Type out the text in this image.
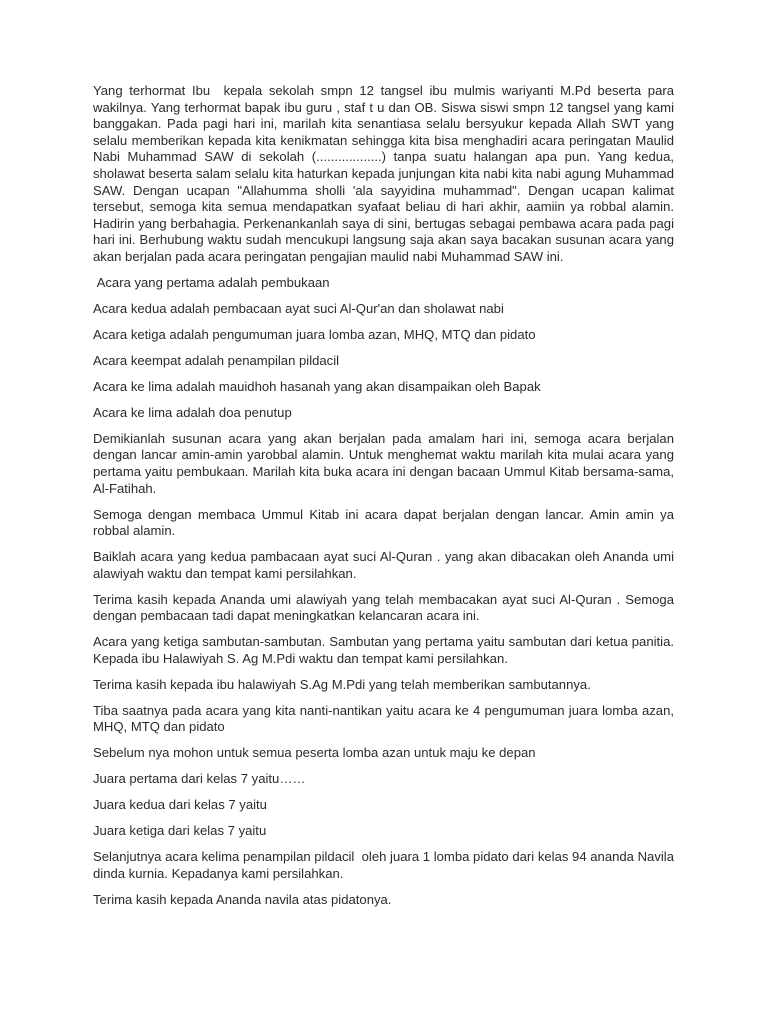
Yang terhormat Ibu  kepala sekolah smpn 12 tangsel ibu mulmis wariyanti M.Pd beserta para wakilnya. Yang terhormat bapak ibu guru , staf t u dan OB. Siswa siswi smpn 12 tangsel yang kami banggakan. Pada pagi hari ini, marilah kita senantiasa selalu bersyukur kepada Allah SWT yang selalu memberikan kepada kita kenikmatan sehingga kita bisa menghadiri acara peringatan Maulid Nabi Muhammad SAW di sekolah (..................) tanpa suatu halangan apa pun. Yang kedua, sholawat beserta salam selalu kita haturkan kepada junjungan kita nabi kita nabi agung Muhammad SAW. Dengan ucapan "Allahumma sholli 'ala sayyidina muhammad". Dengan ucapan kalimat tersebut, semoga kita semua mendapatkan syafaat beliau di hari akhir, aamiin ya robbal alamin. Hadirin yang berbahagia. Perkenankanlah saya di sini, bertugas sebagai pembawa acara pada pagi hari ini. Berhubung waktu sudah mencukupi langsung saja akan saya bacakan susunan acara yang akan berjalan pada acara peringatan pengajian maulid nabi Muhammad SAW ini.

Acara yang pertama adalah pembukaan

Acara kedua adalah pembacaan ayat suci Al-Qur'an dan sholawat nabi

Acara ketiga adalah pengumuman juara lomba azan, MHQ, MTQ dan pidato

Acara keempat adalah penampilan pildacil

Acara ke lima adalah mauidhoh hasanah yang akan disampaikan oleh Bapak

Acara ke lima adalah doa penutup

Demikianlah susunan acara yang akan berjalan pada amalam hari ini, semoga acara berjalan dengan lancar amin-amin yarobbal alamin. Untuk menghemat waktu marilah kita mulai acara yang pertama yaitu pembukaan. Marilah kita buka acara ini dengan bacaan Ummul Kitab bersama-sama, Al-Fatihah.

Semoga dengan membaca Ummul Kitab ini acara dapat berjalan dengan lancar. Amin amin ya robbal alamin.

Baiklah acara yang kedua pambacaan ayat suci Al-Quran . yang akan dibacakan oleh Ananda umi alawiyah waktu dan tempat kami persilahkan.

Terima kasih kepada Ananda umi alawiyah yang telah membacakan ayat suci Al-Quran . Semoga dengan pembacaan tadi dapat meningkatkan kelancaran acara ini.

Acara yang ketiga sambutan-sambutan. Sambutan yang pertama yaitu sambutan dari ketua panitia. Kepada ibu Halawiyah S. Ag M.Pdi waktu dan tempat kami persilahkan.

Terima kasih kepada ibu halawiyah S.Ag M.Pdi yang telah memberikan sambutannya.

Tiba saatnya pada acara yang kita nanti-nantikan yaitu acara ke 4 pengumuman juara lomba azan, MHQ, MTQ dan pidato

Sebelum nya mohon untuk semua peserta lomba azan untuk maju ke depan

Juara pertama dari kelas 7 yaitu……

Juara kedua dari kelas 7 yaitu

Juara ketiga dari kelas 7 yaitu

Selanjutnya acara kelima penampilan pildacil  oleh juara 1 lomba pidato dari kelas 94 ananda Navila dinda kurnia. Kepadanya kami persilahkan.

Terima kasih kepada Ananda navila atas pidatonya.
